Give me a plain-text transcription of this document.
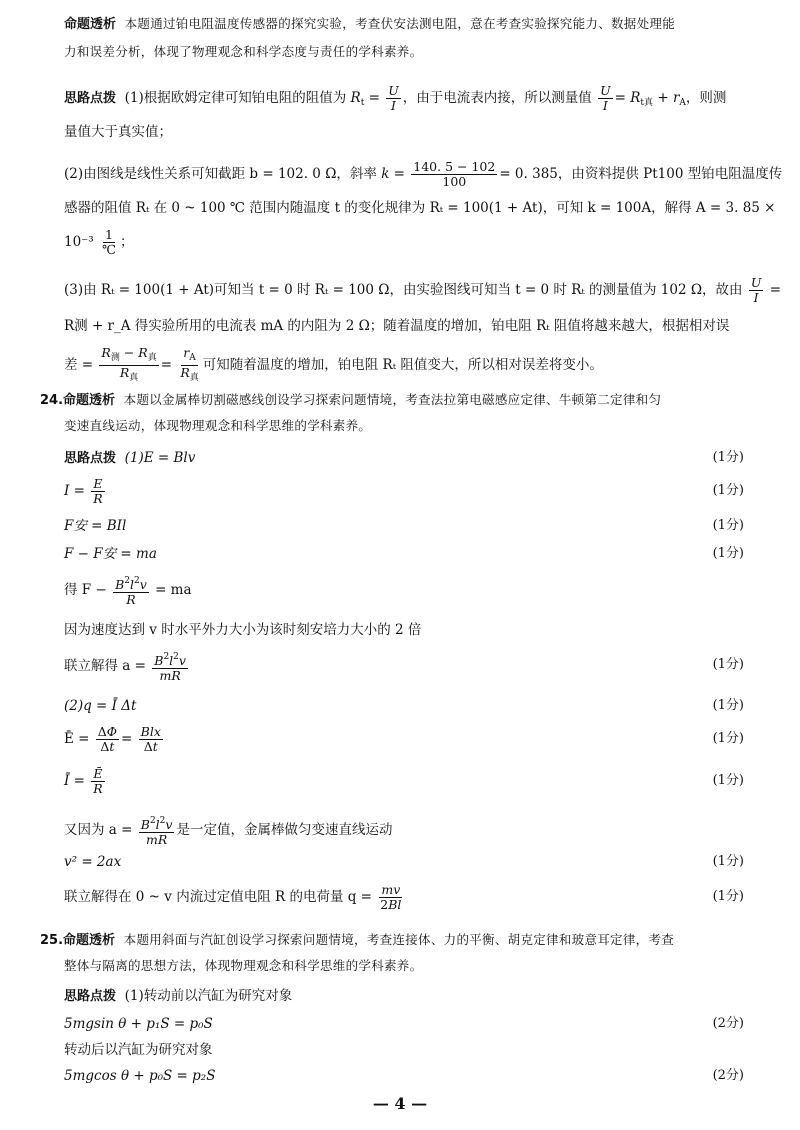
命题透析 本题通过铂电阻温度传感器的探究实验，考查伏安法测电阻，意在考查实验探究能力、数据处理能
力和误差分析，体现了物理观念和科学态度与责任的学科素养。
思路点拨 (1)根据欧姆定律可知铂电阻的阻值为 $R_t = \frac{U}{I}$ ，由于电流表内接，所以测量值 $\frac{U}{I} = R_{t真} + r_A$，则测
量值大于真实值；
(2)由图线是线性关系可知截距 b = 102. 0 Ω，斜率 $k = \frac{140. 5 - 102}{100} = 0$. 385，由资料提供 Pt100 型铂电阻温度传
感器的阻值 Rₜ 在 0 ~ 100 ℃ 范围内随温度 t 的变化规律为 Rₜ = 100(1 + At)，可知 k = 100A，解得 A = 3. 85 ×
$10^{-3} \frac{1}{℃}$ ；
(3)由 Rₜ = 100(1 + At)可知当 t = 0 时 Rₜ = 100 Ω，由实验图线可知当 t = 0 时 Rₜ 的测量值为 102 Ω，故由 $\frac{U}{I}$ =
R测 + r_A 得实验所用的电流表 mA 的内阻为 2 Ω；随着温度的增加，铂电阻 Rₜ 阻值将越来越大，根据相对误
差 = $\frac{R_测 - R_真}{R_真} = \frac{r_A}{R_真}$ 可知随着温度的增加，铂电阻 Rₜ 阻值变大，所以相对误差将变小。
24.命题透析 本题以金属棒切割磁感线创设学习探索问题情境，考查法拉第电磁感应定律、牛顿第二定律和匀
变速直线运动，体现物理观念和科学思维的学科素养。
思路点拨 (1)E = Blv	(1分)
$I = \frac{E}{R}$	(1分)
F安 = BIl	(1分)
F − F安 = ma	(1分)
得 $F - \frac{B^2l^2v}{R}$ = ma
因为速度达到 v 时水平外力大小为该时刻安培力大小的 2 倍
联立解得 $a = \frac{B^2l^2v}{mR}$	(1分)
(2)q = Ī Δt	(1分)
Ē = $\frac{\Delta\Phi}{\Delta t} = \frac{\text{Blx}}{\Delta t}$	(1分)
Ī = $\frac{Ē}{R}$	(1分)
又因为 $a = \frac{B^2l^2v}{mR}$ 是一定值，金属棒做匀变速直线运动
v² = 2ax	(1分)
联立解得在 0 ~ v 内流过定值电阻 R 的电荷量 $q = \frac{mv}{2Bl}$	(1分)
25.命题透析 本题用斜面与汽缸创设学习探索问题情境，考查连接体、力的平衡、胡克定律和玻意耳定律，考查
整体与隔离的思想方法，体现物理观念和科学思维的学科素养。
思路点拨 (1)转动前以汽缸为研究对象
5mgsin θ + p₁S = p₀S	(2分)
转动后以汽缸为研究对象
5mgcos θ + p₀S = p₂S	(2分)
— 4 —
